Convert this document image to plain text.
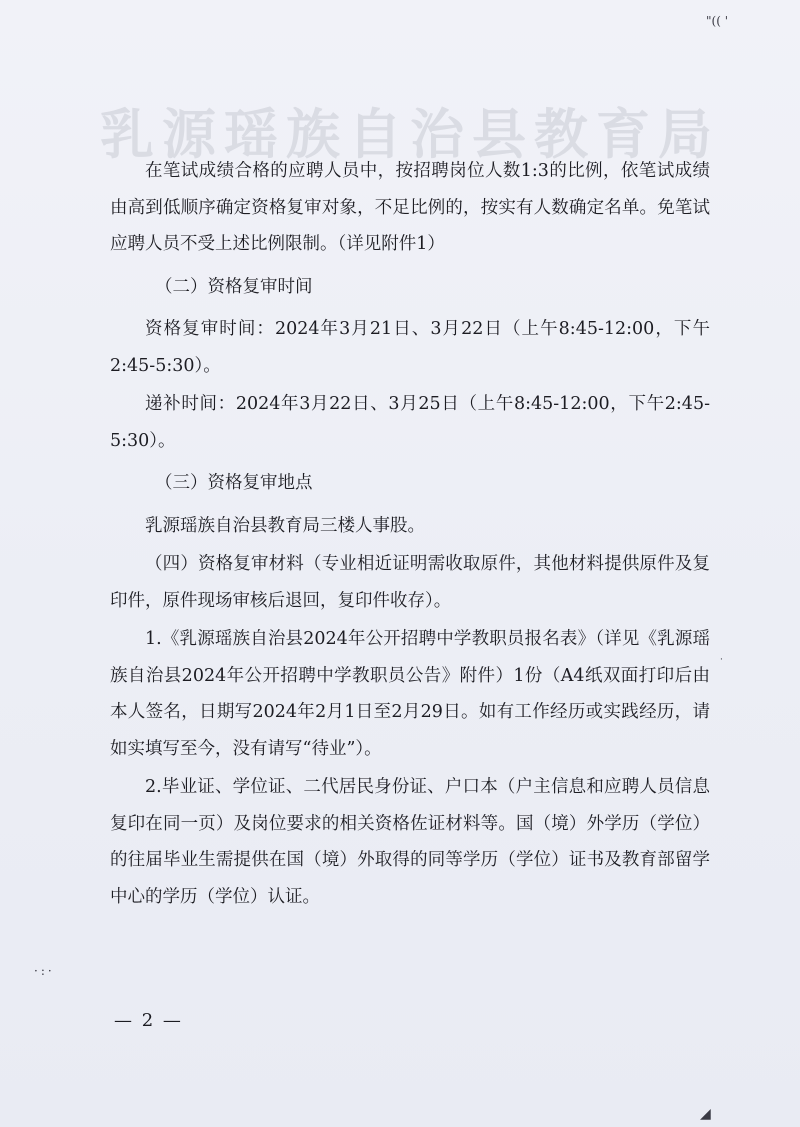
乳源瑶族自治县教育局
"(( '
·:·
·
◢

在笔试成绩合格的应聘人员中，按招聘岗位人数1:3的比例，依笔试成绩由高到低顺序确定资格复审对象，不足比例的，按实有人数确定名单。免笔试应聘人员不受上述比例限制。（详见附件1）

（二）资格复审时间

资格复审时间：2024年3月21日、3月22日（上午8:45-12:00，下午2:45-5:30）。

递补时间：2024年3月22日、3月25日（上午8:45-12:00，下午2:45-5:30）。

（三）资格复审地点

乳源瑶族自治县教育局三楼人事股。

（四）资格复审材料（专业相近证明需收取原件，其他材料提供原件及复印件，原件现场审核后退回，复印件收存）。

1.《乳源瑶族自治县2024年公开招聘中学教职员报名表》（详见《乳源瑶族自治县2024年公开招聘中学教职员公告》附件）1份（A4纸双面打印后由本人签名，日期写2024年2月1日至2月29日。如有工作经历或实践经历，请如实填写至今，没有请写“待业”）。

2.毕业证、学位证、二代居民身份证、户口本（户主信息和应聘人员信息复印在同一页）及岗位要求的相关资格佐证材料等。国（境）外学历（学位）的往届毕业生需提供在国（境）外取得的同等学历（学位）证书及教育部留学中心的学历（学位）认证。

— 2 —
